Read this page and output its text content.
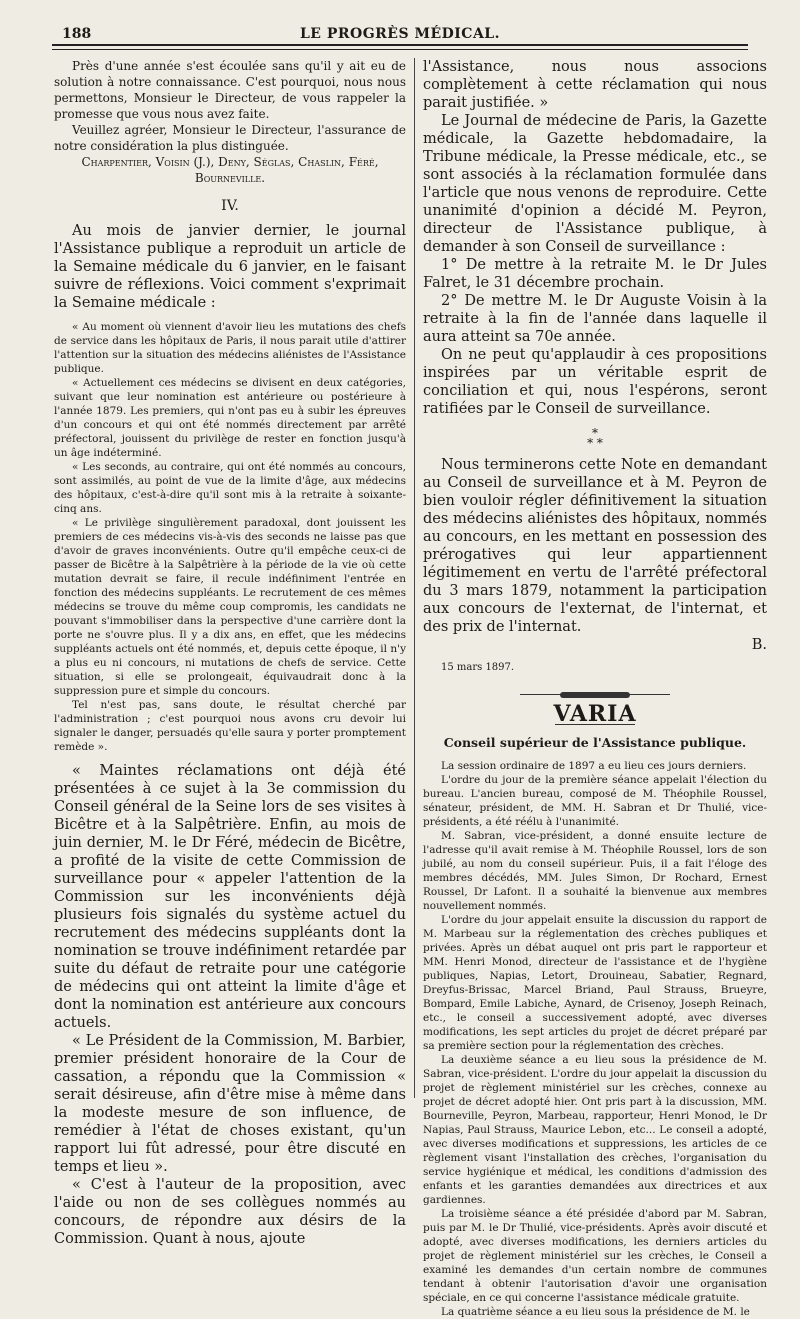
188	LE PROGRÈS MÉDICAL.

Près d'une année s'est écoulée sans qu'il y ait eu de solution à notre connaissance. C'est pourquoi, nous nous permettons, Monsieur le Directeur, de vous rappeler la promesse que vous nous avez faite.

Veuillez agréer, Monsieur le Directeur, l'assurance de notre considération la plus distinguée.

Charpentier, Voisin (J.), Deny, Séglas, Chaslin, Féré, Bourneville.

IV.

Au mois de janvier dernier, le journal l'Assistance publique a reproduit un article de la Semaine médicale du 6 janvier, en le faisant suivre de réflexions. Voici comment s'exprimait la Semaine médicale :

« Au moment où viennent d'avoir lieu les mutations des chefs de service dans les hôpitaux de Paris, il nous parait utile d'attirer l'attention sur la situation des médecins aliénistes de l'Assistance publique.

« Actuellement ces médecins se divisent en deux catégories, suivant que leur nomination est antérieure ou postérieure à l'année 1879. Les premiers, qui n'ont pas eu à subir les épreuves d'un concours et qui ont été nommés directement par arrêté préfectoral, jouissent du privilège de rester en fonction jusqu'à un âge indéterminé.

« Les seconds, au contraire, qui ont été nommés au concours, sont assimilés, au point de vue de la limite d'âge, aux médecins des hôpitaux, c'est-à-dire qu'il sont mis à la retraite à soixante-cinq ans.

« Le privilège singulièrement paradoxal, dont jouissent les premiers de ces médecins vis-à-vis des seconds ne laisse pas que d'avoir de graves inconvénients. Outre qu'il empêche ceux-ci de passer de Bicêtre à la Salpêtrière à la période de la vie où cette mutation devrait se faire, il recule indéfiniment l'entrée en fonction des médecins suppléants. Le recrutement de ces mêmes médecins se trouve du même coup compromis, les candidats ne pouvant s'immobiliser dans la perspective d'une carrière dont la porte ne s'ouvre plus. Il y a dix ans, en effet, que les médecins suppléants actuels ont été nommés, et, depuis cette époque, il n'y a plus eu ni concours, ni mutations de chefs de service. Cette situation, si elle se prolongeait, équivaudrait donc à la suppression pure et simple du concours.

Tel n'est pas, sans doute, le résultat cherché par l'administration ; c'est pourquoi nous avons cru devoir lui signaler le danger, persuadés qu'elle saura y porter promptement remède ».

« Maintes réclamations ont déjà été présentées à ce sujet à la 3e commission du Conseil général de la Seine lors de ses visites à Bicêtre et à la Salpêtrière. Enfin, au mois de juin dernier, M. le Dr Féré, médecin de Bicêtre, a profité de la visite de cette Commission de surveillance pour « appeler l'attention de la Commission sur les inconvénients déjà plusieurs fois signalés du système actuel du recrutement des médecins suppléants dont la nomination se trouve indéfiniment retardée par suite du défaut de retraite pour une catégorie de médecins qui ont atteint la limite d'âge et dont la nomination est antérieure aux concours actuels.

« Le Président de la Commission, M. Barbier, premier président honoraire de la Cour de cassation, a répondu que la Commission « serait désireuse, afin d'être mise à même dans la modeste mesure de son influence, de remédier à l'état de choses existant, qu'un rapport lui fût adressé, pour être discuté en temps et lieu ».

« C'est à l'auteur de la proposition, avec l'aide ou non de ses collègues nommés au concours, de répondre aux désirs de la Commission. Quant à nous, ajoute

l'Assistance, nous nous associons complètement à cette réclamation qui nous parait justifiée. »

Le Journal de médecine de Paris, la Gazette médicale, la Gazette hebdomadaire, la Tribune médicale, la Presse médicale, etc., se sont associés à la réclamation formulée dans l'article que nous venons de reproduire. Cette unanimité d'opinion a décidé M. Peyron, directeur de l'Assistance publique, à demander à son Conseil de surveillance :

1° De mettre à la retraite M. le Dr Jules Falret, le 31 décembre prochain.

2° De mettre M. le Dr Auguste Voisin à la retraite à la fin de l'année dans laquelle il aura atteint sa 70e année.

On ne peut qu'applaudir à ces propositions inspirées par un véritable esprit de conciliation et qui, nous l'espérons, seront ratifiées par le Conseil de surveillance.

*
* *

Nous terminerons cette Note en demandant au Conseil de surveillance et à M. Peyron de bien vouloir régler définitivement la situation des médecins aliénistes des hôpitaux, nommés au concours, en les mettant en possession des prérogatives qui leur appartiennent légitimement en vertu de l'arrêté préfectoral du 3 mars 1879, notamment la participation aux concours de l'externat, de l'internat, et des prix de l'internat.

B.

15 mars 1897.

VARIA
Conseil supérieur de l'Assistance publique.

La session ordinaire de 1897 a eu lieu ces jours derniers.

L'ordre du jour de la première séance appelait l'élection du bureau. L'ancien bureau, composé de M. Théophile Roussel, sénateur, président, de MM. H. Sabran et Dr Thulié, vice-présidents, a été réélu à l'unanimité.

M. Sabran, vice-président, a donné ensuite lecture de l'adresse qu'il avait remise à M. Théophile Roussel, lors de son jubilé, au nom du conseil supérieur. Puis, il a fait l'éloge des membres décédés, MM. Jules Simon, Dr Rochard, Ernest Roussel, Dr Lafont. Il a souhaité la bienvenue aux membres nouvellement nommés.

L'ordre du jour appelait ensuite la discussion du rapport de M. Marbeau sur la réglementation des crèches publiques et privées. Après un débat auquel ont pris part le rapporteur et MM. Henri Monod, directeur de l'assistance et de l'hygiène publiques, Napias, Letort, Drouineau, Sabatier, Regnard, Dreyfus-Brissac, Marcel Briand, Paul Strauss, Brueyre, Bompard, Emile Labiche, Aynard, de Crisenoy, Joseph Reinach, etc., le conseil a successivement adopté, avec diverses modifications, les sept articles du projet de décret préparé par sa première section pour la réglementation des crèches.

La deuxième séance a eu lieu sous la présidence de M. Sabran, vice-président. L'ordre du jour appelait la discussion du projet de règlement ministériel sur les crèches, connexe au projet de décret adopté hier. Ont pris part à la discussion, MM. Bourneville, Peyron, Marbeau, rapporteur, Henri Monod, le Dr Napias, Paul Strauss, Maurice Lebon, etc... Le conseil a adopté, avec diverses modifications et suppressions, les articles de ce règlement visant l'installation des crèches, l'organisation du service hygiénique et médical, les conditions d'admission des enfants et les garanties demandées aux directrices et aux gardiennes.

La troisième séance a été présidée d'abord par M. Sabran, puis par M. le Dr Thulié, vice-présidents. Après avoir discuté et adopté, avec diverses modifications, les derniers articles du projet de règlement ministériel sur les crèches, le Conseil a examiné les demandes d'un certain nombre de communes tendant à obtenir l'autorisation d'avoir une organisation spéciale, en ce qui concerne l'assistance médicale gratuite.

La quatrième séance a eu lieu sous la présidence de M. le
